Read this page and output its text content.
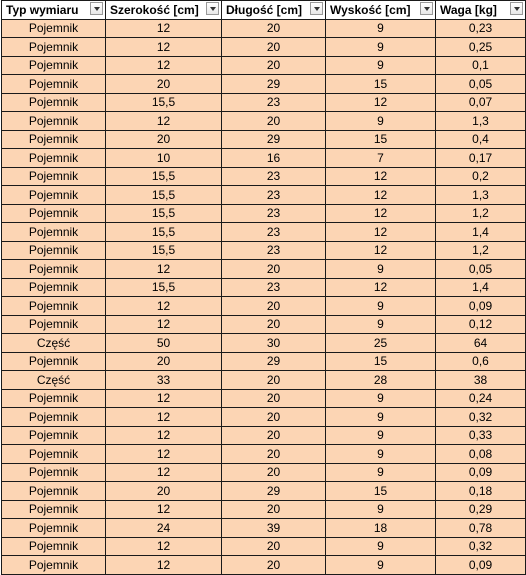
Typ wymiaru	Szerokość [cm]	Długość [cm]	Wyskość [cm]	Waga [kg]

Pojemnik	12	20	9	0,23
Pojemnik	12	20	9	0,25
Pojemnik	12	20	9	0,1
Pojemnik	20	29	15	0,05
Pojemnik	15,5	23	12	0,07
Pojemnik	12	20	9	1,3
Pojemnik	20	29	15	0,4
Pojemnik	10	16	7	0,17
Pojemnik	15,5	23	12	0,2
Pojemnik	15,5	23	12	1,3
Pojemnik	15,5	23	12	1,2
Pojemnik	15,5	23	12	1,4
Pojemnik	15,5	23	12	1,2
Pojemnik	12	20	9	0,05
Pojemnik	15,5	23	12	1,4
Pojemnik	12	20	9	0,09
Pojemnik	12	20	9	0,12
Część	50	30	25	64
Pojemnik	20	29	15	0,6
Część	33	20	28	38
Pojemnik	12	20	9	0,24
Pojemnik	12	20	9	0,32
Pojemnik	12	20	9	0,33
Pojemnik	12	20	9	0,08
Pojemnik	12	20	9	0,09
Pojemnik	20	29	15	0,18
Pojemnik	12	20	9	0,29
Pojemnik	24	39	18	0,78
Pojemnik	12	20	9	0,32
Pojemnik	12	20	9	0,09
